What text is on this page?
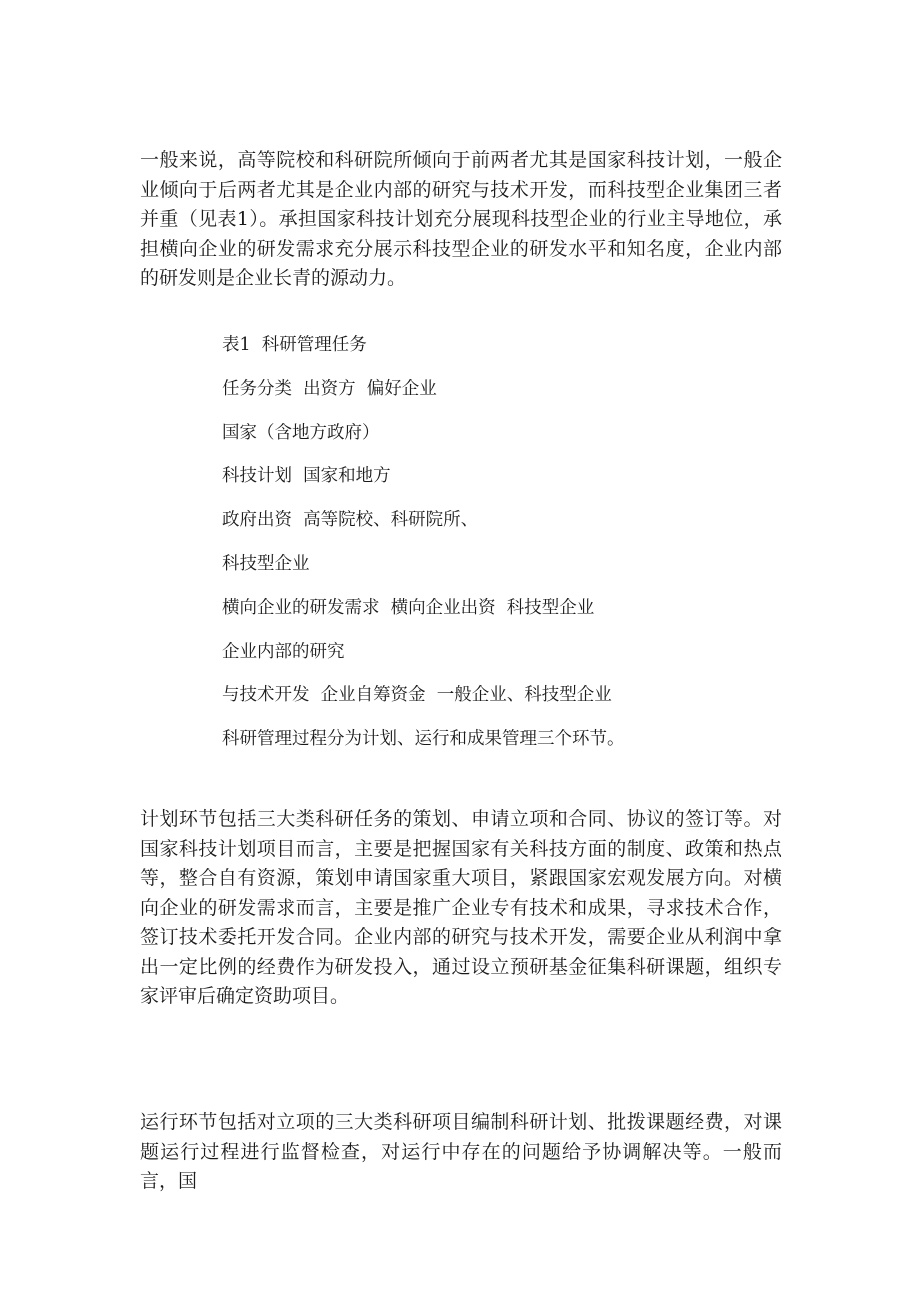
一般来说，高等院校和科研院所倾向于前两者尤其是国家科技计划，一般企业倾向于后两者尤其是企业内部的研究与技术开发，而科技型企业集团三者并重（见表1）。承担国家科技计划充分展现科技型企业的行业主导地位，承担横向企业的研发需求充分展示科技型企业的研发水平和知名度，企业内部的研发则是企业长青的源动力。

表1  科研管理任务

任务分类  出资方  偏好企业

国家（含地方政府）

科技计划  国家和地方

政府出资  高等院校、科研院所、

科技型企业

横向企业的研发需求  横向企业出资  科技型企业

企业内部的研究

与技术开发  企业自筹资金  一般企业、科技型企业

科研管理过程分为计划、运行和成果管理三个环节。

计划环节包括三大类科研任务的策划、申请立项和合同、协议的签订等。对国家科技计划项目而言，主要是把握国家有关科技方面的制度、政策和热点等，整合自有资源，策划申请国家重大项目，紧跟国家宏观发展方向。对横向企业的研发需求而言，主要是推广企业专有技术和成果，寻求技术合作，签订技术委托开发合同。企业内部的研究与技术开发，需要企业从利润中拿出一定比例的经费作为研发投入，通过设立预研基金征集科研课题，组织专家评审后确定资助项目。

运行环节包括对立项的三大类科研项目编制科研计划、批拨课题经费，对课题运行过程进行监督检查，对运行中存在的问题给予协调解决等。一般而言，国
